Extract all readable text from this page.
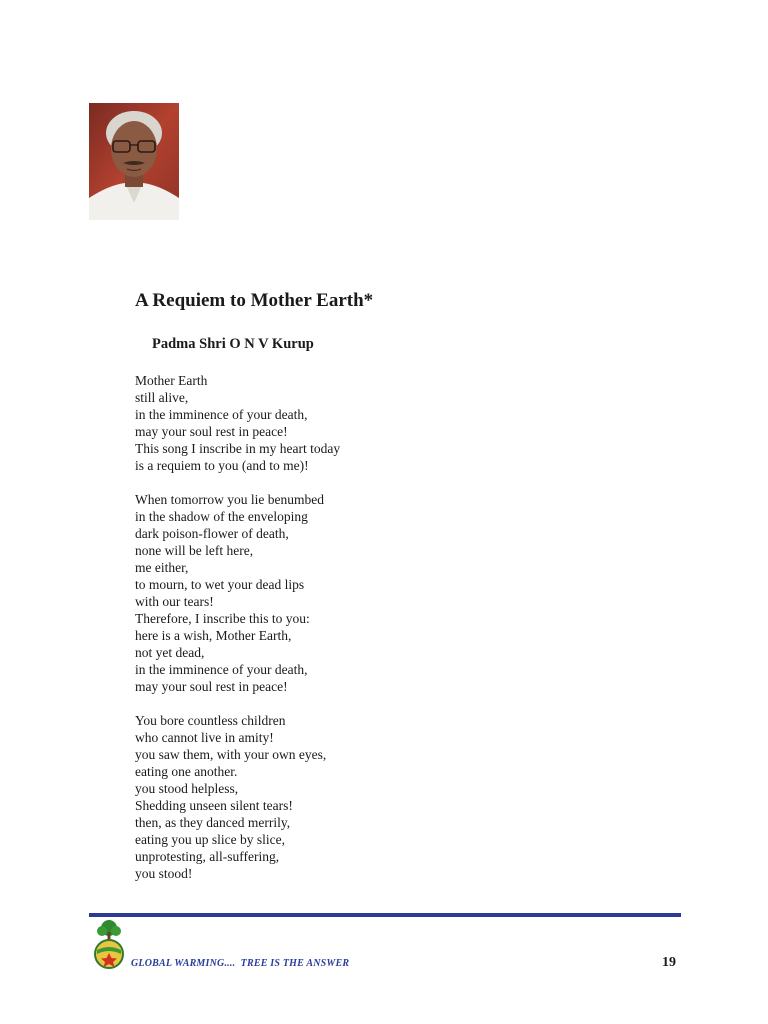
A Requiem to Mother Earth*
Padma Shri O N V Kurup
Mother Earth
still alive,
in the imminence of your death,
may your soul rest in peace!
This song I inscribe in my heart today
is a requiem to you (and to me)!
When tomorrow you lie benumbed
in the shadow of the enveloping
dark poison-flower of death,
none will be left here,
me either,
to mourn, to wet your dead lips
with our tears!
Therefore, I inscribe this to you:
here is a wish, Mother Earth,
not yet dead,
in the imminence of your death,
may your soul rest in peace!
You bore countless children
who cannot live in amity!
you saw them, with your own eyes,
eating one another.
you stood helpless,
Shedding unseen silent tears!
then, as they danced merrily,
eating you up slice by slice,
unprotesting, all-suffering,
you stood!
GLOBAL WARMING....  TREE IS THE ANSWER	19
